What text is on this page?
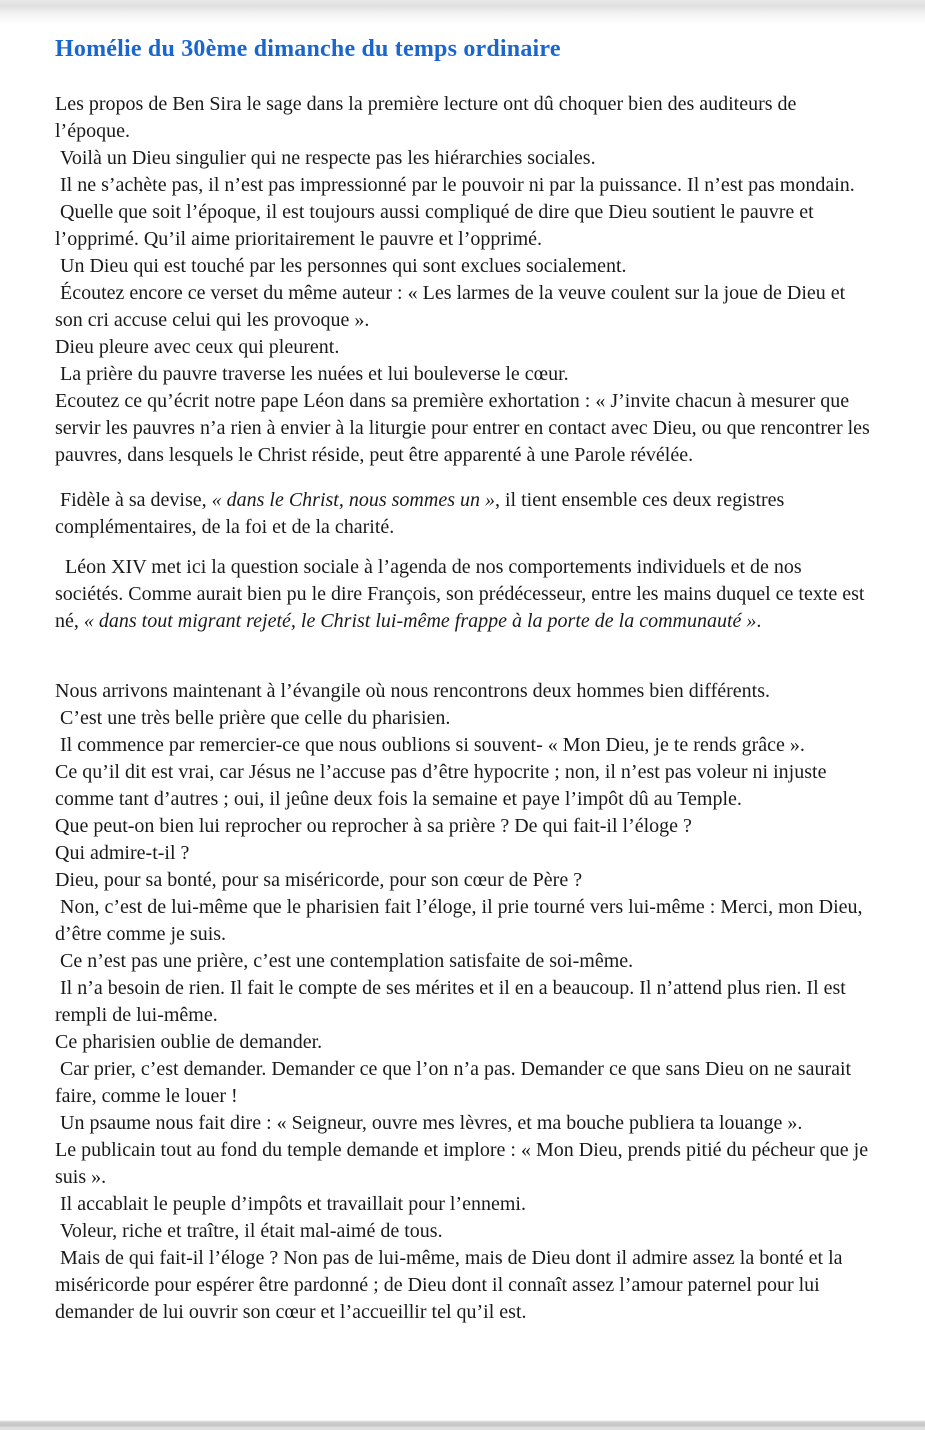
Homélie du 30ème dimanche du temps ordinaire

Les propos de Ben Sira le sage dans la première lecture ont dû choquer bien des auditeurs de l’époque.

Voilà un Dieu singulier qui ne respecte pas les hiérarchies sociales.

Il ne s’achète pas, il n’est pas impressionné par le pouvoir ni par la puissance. Il n’est pas mondain.

Quelle que soit l’époque, il est toujours aussi compliqué de dire que Dieu soutient le pauvre et l’opprimé. Qu’il aime prioritairement le pauvre et l’opprimé.

Un Dieu qui est touché par les personnes qui sont exclues socialement.

Écoutez encore ce verset du même auteur : « Les larmes de la veuve coulent sur la joue de Dieu et son cri accuse celui qui les provoque ».

Dieu pleure avec ceux qui pleurent.

La prière du pauvre traverse les nuées et lui bouleverse le cœur.

Ecoutez ce qu’écrit notre pape Léon dans sa première exhortation : « J’invite chacun à mesurer que servir les pauvres n’a rien à envier à la liturgie pour entrer en contact avec Dieu, ou que rencontrer les pauvres, dans lesquels le Christ réside, peut être apparenté à une Parole révélée.

Fidèle à sa devise, « dans le Christ, nous sommes un », il tient ensemble ces deux registres complémentaires, de la foi et de la charité.

Léon XIV met ici la question sociale à l’agenda de nos comportements individuels et de nos sociétés. Comme aurait bien pu le dire François, son prédécesseur, entre les mains duquel ce texte est né, « dans tout migrant rejeté, le Christ lui-même frappe à la porte de la communauté ».

Nous arrivons maintenant à l’évangile où nous rencontrons deux hommes bien différents.

C’est une très belle prière que celle du pharisien.

Il commence par remercier-ce que nous oublions si souvent- « Mon Dieu, je te rends grâce ».

Ce qu’il dit est vrai, car Jésus ne l’accuse pas d’être hypocrite ; non, il n’est pas voleur ni injuste comme tant d’autres ; oui, il jeûne deux fois la semaine et paye l’impôt dû au Temple.

Que peut-on bien lui reprocher ou reprocher à sa prière ? De qui fait-il l’éloge ?

Qui admire-t-il ?

Dieu, pour sa bonté, pour sa miséricorde, pour son cœur de Père ?

Non, c’est de lui-même que le pharisien fait l’éloge, il prie tourné vers lui-même : Merci, mon Dieu, d’être comme je suis.

Ce n’est pas une prière, c’est une contemplation satisfaite de soi-même.

Il n’a besoin de rien. Il fait le compte de ses mérites et il en a beaucoup. Il n’attend plus rien. Il est rempli de lui-même.

Ce pharisien oublie de demander.

Car prier, c’est demander. Demander ce que l’on n’a pas. Demander ce que sans Dieu on ne saurait faire, comme le louer !

Un psaume nous fait dire : « Seigneur, ouvre mes lèvres, et ma bouche publiera ta louange ».

Le publicain tout au fond du temple demande et implore : « Mon Dieu, prends pitié du pécheur que je suis ».

Il accablait le peuple d’impôts et travaillait pour l’ennemi.

Voleur, riche et traître, il était mal-aimé de tous.

Mais de qui fait-il l’éloge ? Non pas de lui-même, mais de Dieu dont il admire assez la bonté et la miséricorde pour espérer être pardonné ; de Dieu dont il connaît assez l’amour paternel pour lui demander de lui ouvrir son cœur et l’accueillir tel qu’il est.
